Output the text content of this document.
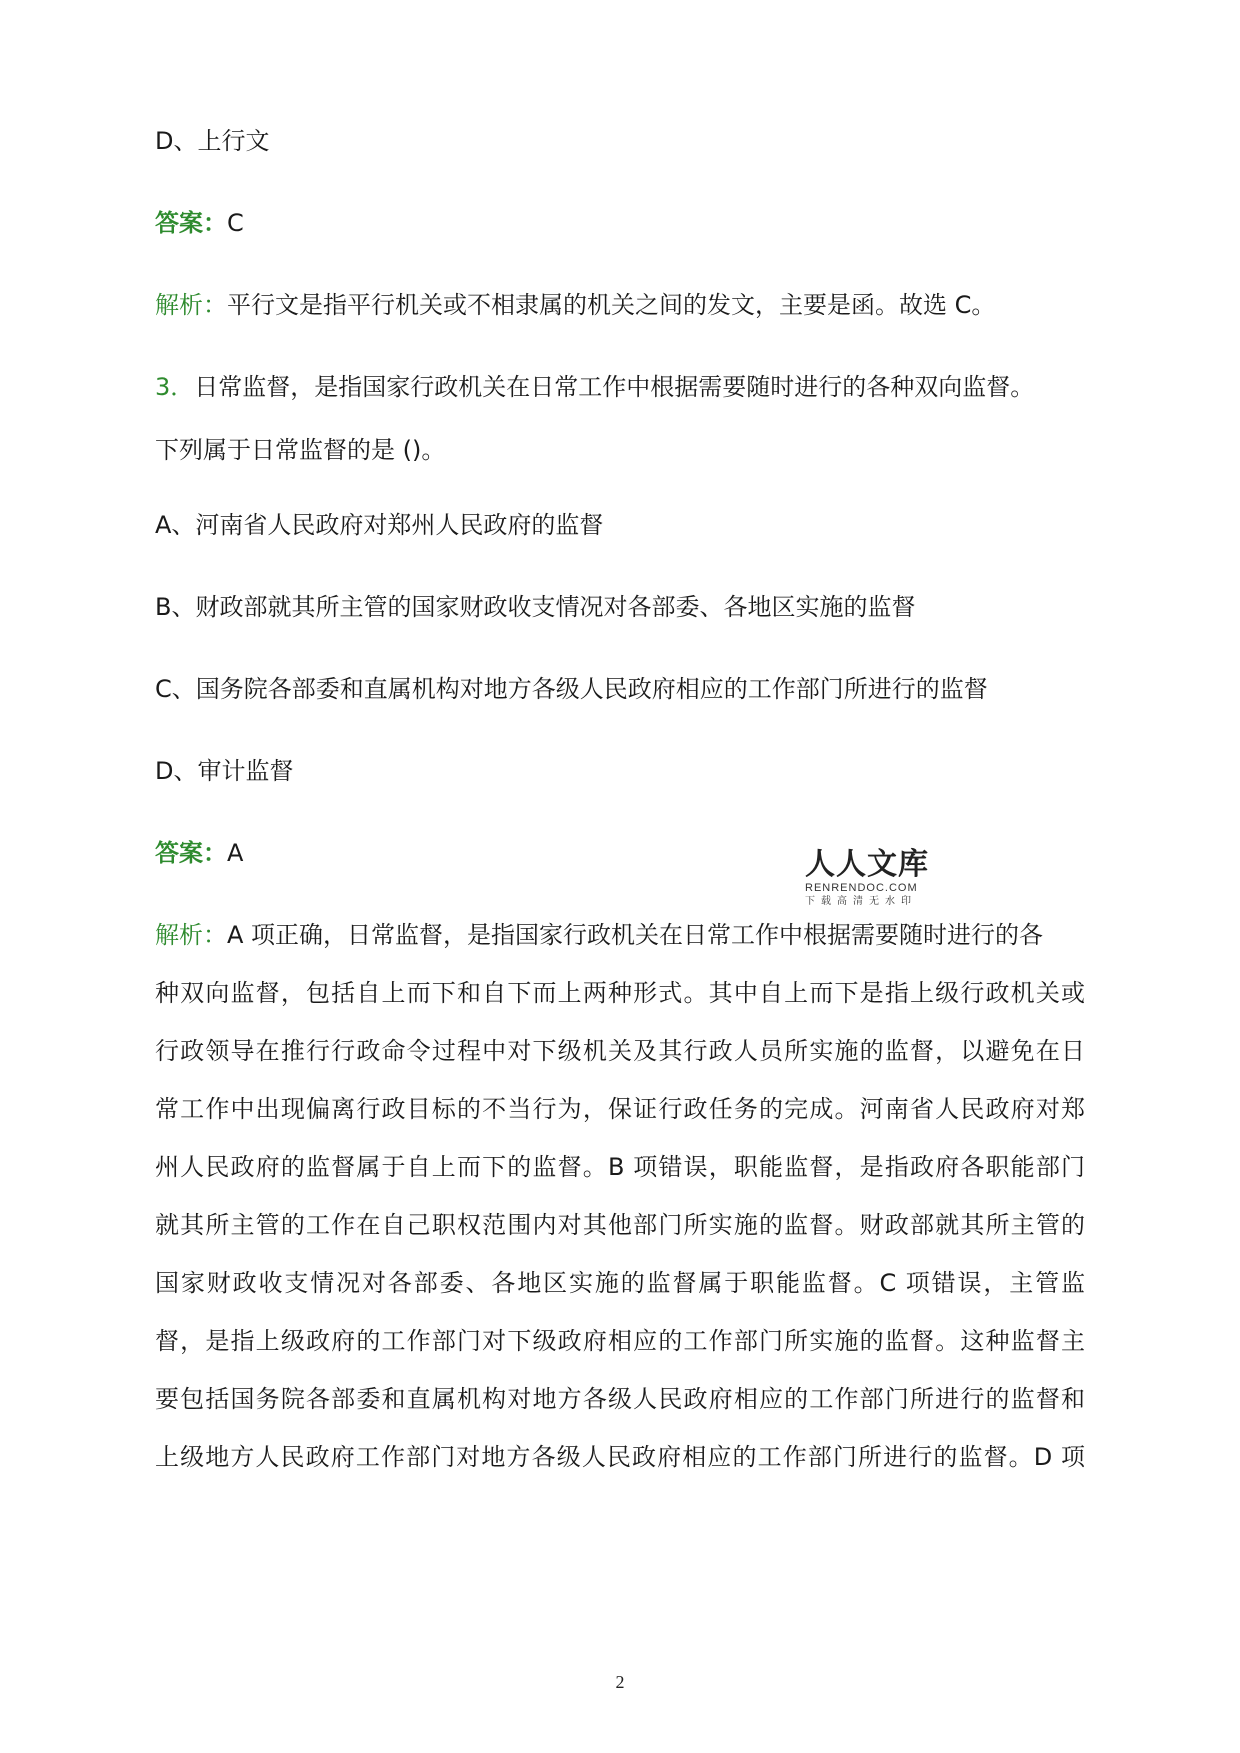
D、上行文
答案：C
解析：平行文是指平行机关或不相隶属的机关之间的发文，主要是函。故选 C。
3．日常监督，是指国家行政机关在日常工作中根据需要随时进行的各种双向监督。
下列属于日常监督的是 ()。
A、河南省人民政府对郑州人民政府的监督
B、财政部就其所主管的国家财政收支情况对各部委、各地区实施的监督
C、国务院各部委和直属机构对地方各级人民政府相应的工作部门所进行的监督
D、审计监督
人人文库
RENRENDOC.COM
下载高清无水印
答案：A
解析：A 项正确，日常监督，是指国家行政机关在日常工作中根据需要随时进行的各
种双向监督，包括自上而下和自下而上两种形式。其中自上而下是指上级行政机关或
行政领导在推行行政命令过程中对下级机关及其行政人员所实施的监督，以避免在日
常工作中出现偏离行政目标的不当行为，保证行政任务的完成。河南省人民政府对郑
州人民政府的监督属于自上而下的监督。B 项错误，职能监督，是指政府各职能部门
就其所主管的工作在自己职权范围内对其他部门所实施的监督。财政部就其所主管的
国家财政收支情况对各部委、各地区实施的监督属于职能监督。C 项错误，主管监
督，是指上级政府的工作部门对下级政府相应的工作部门所实施的监督。这种监督主
要包括国务院各部委和直属机构对地方各级人民政府相应的工作部门所进行的监督和
上级地方人民政府工作部门对地方各级人民政府相应的工作部门所进行的监督。D 项
2
